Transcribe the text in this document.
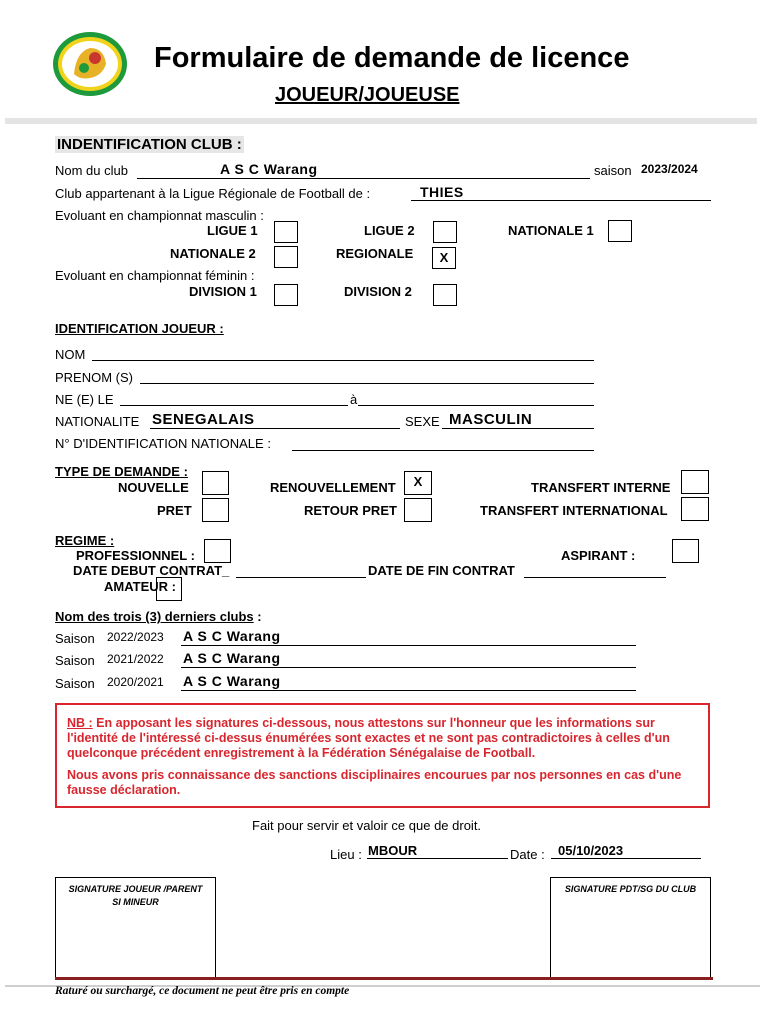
Formulaire de demande de licence
JOUEUR/JOUEUSE
INDENTIFICATION CLUB :
Nom du club	A S C Warang	saison 2023/2024
Club appartenant à la Ligue Régionale de Football de :	THIES
Evoluant en championnat masculin :
LIGUE 1	LIGUE 2	NATIONALE 1
NATIONALE 2	REGIONALE	X
Evoluant en championnat féminin :
DIVISION 1	DIVISION 2
IDENTIFICATION JOUEUR :
NOM
PRENOM (S)
NE (E) LE	à
NATIONALITE SENEGALAIS	SEXE MASCULIN
N° D'IDENTIFICATION NATIONALE :
TYPE DE DEMANDE :
NOUVELLE	RENOUVELLEMENT	X	TRANSFERT INTERNE
PRET	RETOUR PRET	TRANSFERT INTERNATIONAL
REGIME :
PROFESSIONNEL :	ASPIRANT :
DATE DEBUT CONTRAT_	DATE DE FIN CONTRAT
AMATEUR :
Nom des trois (3) derniers clubs :
Saison 2022/2023 A S C Warang
Saison 2021/2022 A S C Warang
Saison 2020/2021 A S C Warang
NB : En apposant les signatures ci-dessous, nous attestons sur l'honneur que les informations sur l'identité de l'intéressé ci-dessus énumérées sont exactes et ne sont pas contradictoires à celles d'un quelconque précédent enregistrement à la Fédération Sénégalaise de Football.
Nous avons pris connaissance des sanctions disciplinaires encourues par nos personnes en cas d'une fausse déclaration.
Fait pour servir et valoir ce que de droit.
Lieu : MBOUR	Date : 05/10/2023
SIGNATURE JOUEUR /PARENT SI MINEUR
SIGNATURE PDT/SG DU CLUB
Raturé ou surchargé, ce document ne peut être pris en compte
